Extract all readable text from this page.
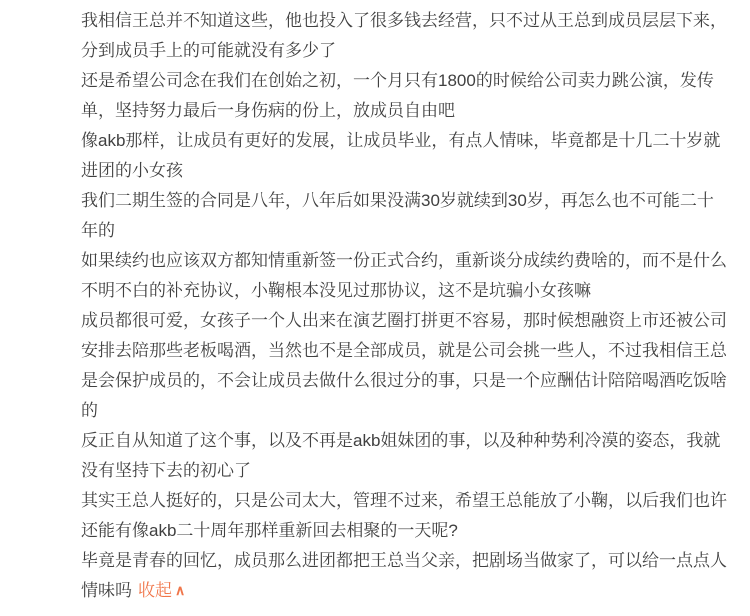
我相信王总并不知道这些，他也投入了很多钱去经营，只不过从王总到成员层层下来，分到成员手上的可能就没有多少了

还是希望公司念在我们在创始之初，一个月只有1800的时候给公司卖力跳公演，发传单，坚持努力最后一身伤病的份上，放成员自由吧

像akb那样，让成员有更好的发展，让成员毕业，有点人情味，毕竟都是十几二十岁就进团的小女孩

我们二期生签的合同是八年，八年后如果没满30岁就续到30岁，再怎么也不可能二十年的

如果续约也应该双方都知情重新签一份正式合约，重新谈分成续约费啥的，而不是什么不明不白的补充协议，小鞠根本没见过那协议，这不是坑骗小女孩嘛

成员都很可爱，女孩子一个人出来在演艺圈打拼更不容易，那时候想融资上市还被公司安排去陪那些老板喝酒，当然也不是全部成员，就是公司会挑一些人，不过我相信王总是会保护成员的，不会让成员去做什么很过分的事，只是一个应酬估计陪陪喝酒吃饭啥的

反正自从知道了这个事，以及不再是akb姐妹团的事，以及种种势利冷漠的姿态，我就没有坚持下去的初心了

其实王总人挺好的，只是公司太大，管理不过来，希望王总能放了小鞠，以后我们也许还能有像akb二十周年那样重新回去相聚的一天呢?

毕竟是青春的回忆，成员那么进团都把王总当父亲，把剧场当做家了，可以给一点点人情味吗 收起 ∧
